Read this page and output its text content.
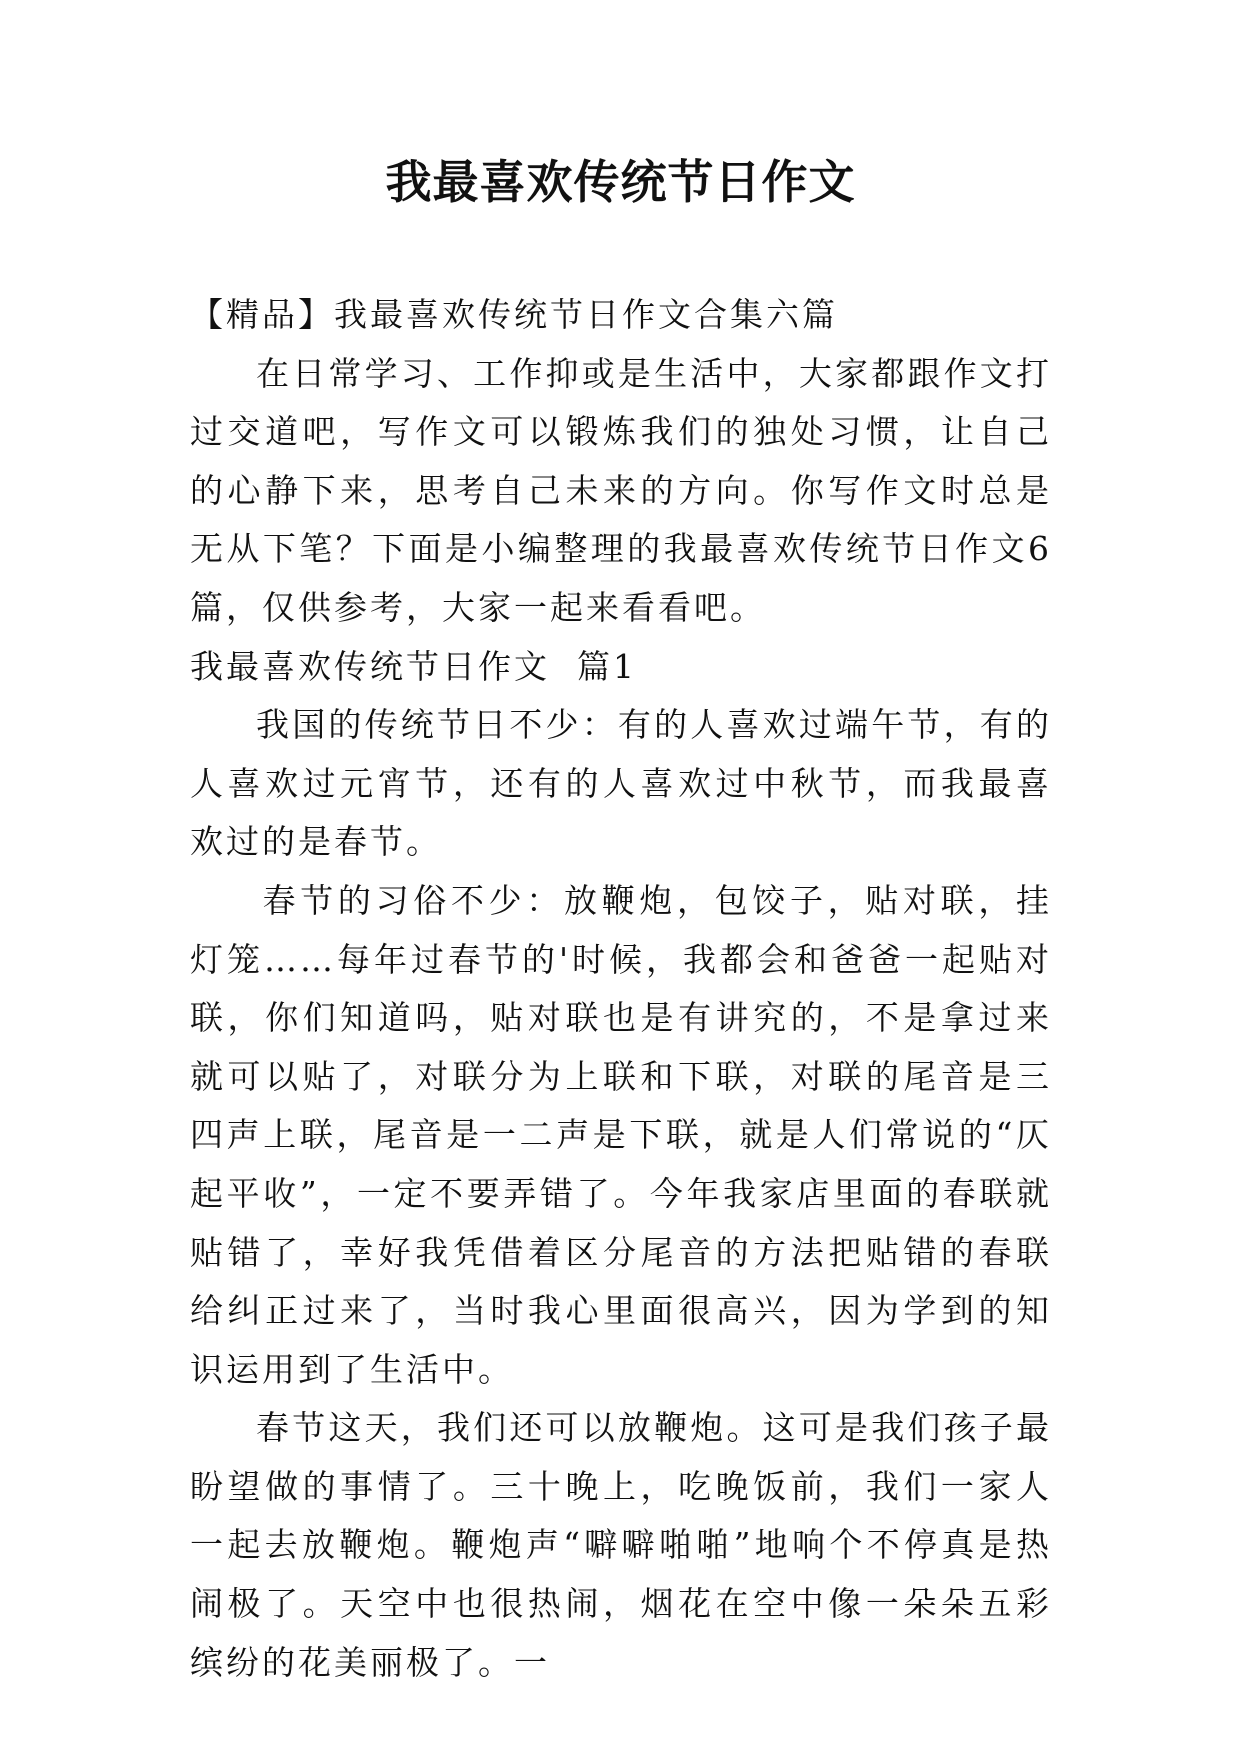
我最喜欢传统节日作文

【精品】我最喜欢传统节日作文合集六篇

在日常学习、工作抑或是生活中，大家都跟作文打过交道吧，写作文可以锻炼我们的独处习惯，让自己的心静下来，思考自己未来的方向。你写作文时总是无从下笔？下面是小编整理的我最喜欢传统节日作文6篇，仅供参考，大家一起来看看吧。

我最喜欢传统节日作文  篇1

我国的传统节日不少：有的人喜欢过端午节，有的人喜欢过元宵节，还有的人喜欢过中秋节，而我最喜欢过的是春节。

春节的习俗不少：放鞭炮，包饺子，贴对联，挂灯笼……每年过春节的'时候，我都会和爸爸一起贴对联，你们知道吗，贴对联也是有讲究的，不是拿过来就可以贴了，对联分为上联和下联，对联的尾音是三四声上联，尾音是一二声是下联，就是人们常说的“仄起平收”，一定不要弄错了。今年我家店里面的春联就贴错了，幸好我凭借着区分尾音的方法把贴错的春联给纠正过来了，当时我心里面很高兴，因为学到的知识运用到了生活中。

春节这天，我们还可以放鞭炮。这可是我们孩子最盼望做的事情了。三十晚上，吃晚饭前，我们一家人一起去放鞭炮。鞭炮声“噼噼啪啪”地响个不停真是热闹极了。天空中也很热闹，烟花在空中像一朵朵五彩缤纷的花美丽极了。一
